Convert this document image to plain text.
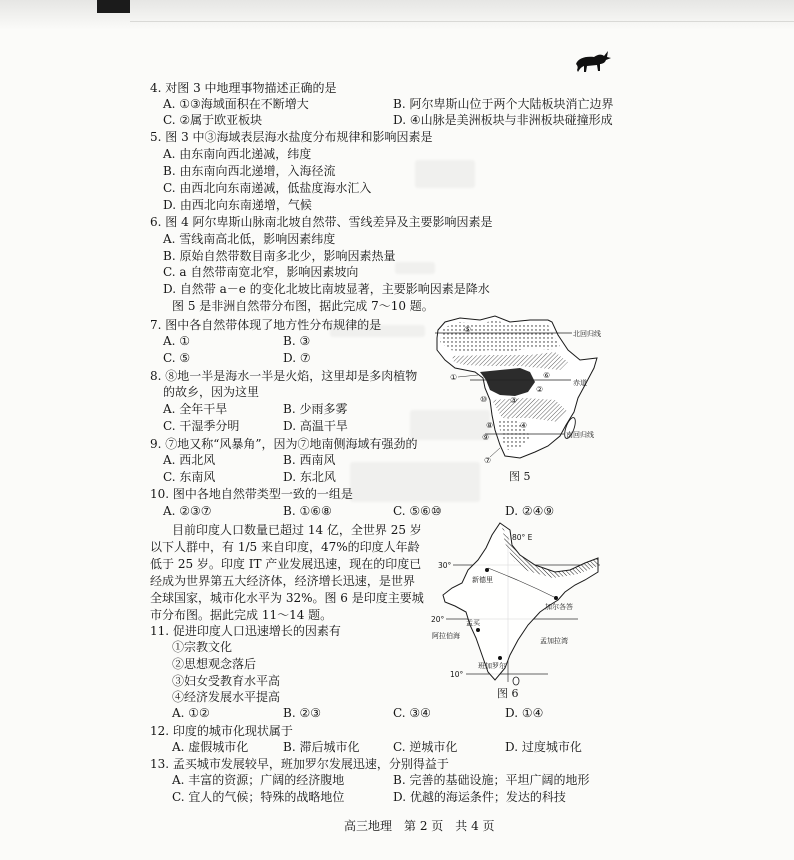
4. 对图 3 中地理事物描述正确的是
A. ①③海域面积在不断增大	B. 阿尔卑斯山位于两个大陆板块消亡边界
C. ②属于欧亚板块	D. ④山脉是美洲板块与非洲板块碰撞形成
5. 图 3 中③海域表层海水盐度分布规律和影响因素是
A. 由东南向西北递减，纬度
B. 由东南向西北递增，入海径流
C. 由西北向东南递减，低盐度海水汇入
D. 由西北向东南递增，气候
6. 图 4 阿尔卑斯山脉南北坡自然带、雪线差异及主要影响因素是
A. 雪线南高北低，影响因素纬度
B. 原始自然带数目南多北少，影响因素热量
C. a 自然带南宽北窄，影响因素坡向
D. 自然带 a－e 的变化北坡比南坡显著，主要影响因素是降水
图 5 是非洲自然带分布图，据此完成 7～10 题。
7. 图中各自然带体现了地方性分布规律的是
A. ①	B. ③
C. ⑤	D. ⑦
8. ⑧地一半是海水一半是火焰，这里却是多肉植物
的故乡，因为这里
A. 全年干旱	B. 少雨多雾
C. 干湿季分明	D. 高温干旱
9. ⑦地又称“风暴角”，因为⑦地南侧海域有强劲的
A. 西北风	B. 西南风
C. 东南风	D. 东北风
10. 图中各地自然带类型一致的一组是
A. ②③⑦	B. ①⑥⑧	C. ⑤⑥⑩	D. ②④⑨
目前印度人口数量已超过 14 亿，全世界 25 岁
以下人群中，有 1/5 来自印度，47%的印度人年龄
低于 25 岁。印度 IT 产业发展迅速，现在的印度已
经成为世界第五大经济体，经济增长迅速，是世界
全球国家，城市化水平为 32%。图 6 是印度主要城
市分布图。据此完成 11～14 题。
11. 促进印度人口迅速增长的因素有
①宗教文化
②思想观念落后
③妇女受教育水平高
④经济发展水平提高
A. ①②	B. ②③	C. ③④	D. ①④
12. 印度的城市化现状属于
A. 虚假城市化	B. 滞后城市化	C. 逆城市化	D. 过度城市化
13. 孟买城市发展较早，班加罗尔发展迅速，分别得益于
A. 丰富的资源；广阔的经济腹地	B. 完善的基础设施；平坦广阔的地形
C. 宜人的气候；特殊的战略地位	D. 优越的海运条件；发达的科技
北回归线
赤道
南回归线
①
②
③
④
⑤
⑥
⑦
⑧
⑨
⑩
图 5
80° E
30°
20°
10°
新德里
加尔各答
孟买
班加罗尔
阿拉伯海
孟加拉湾
图 6
高三地理　第 2 页　共 4 页
